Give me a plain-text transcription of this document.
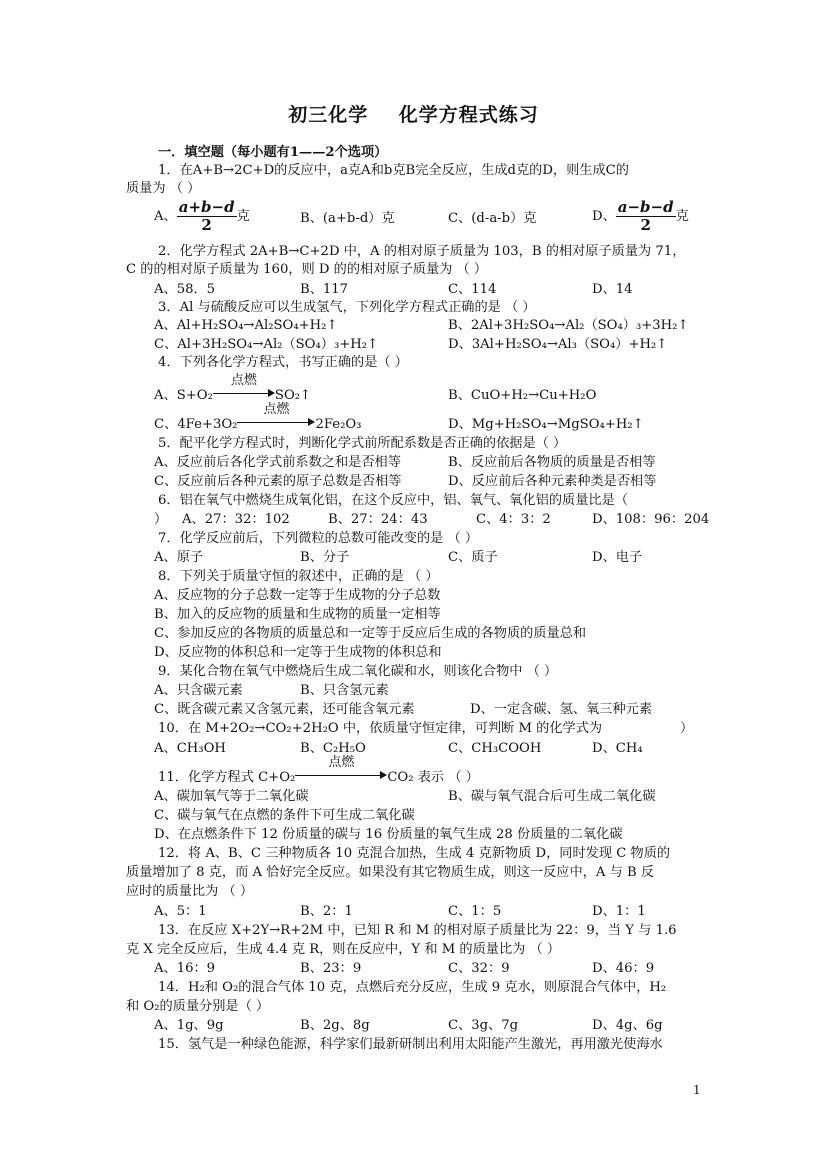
初三化学    化学方程式练习
一．填空题（每小题有1——2个选项）
1．在A+B→2C+D的反应中，a克A和b克B完全反应，生成d克的D，则生成C的
质量为 （ ）
A、 $\frac{a+b-d}{2}$ 克	B、(a+b-d）克	C、(d-a-b）克	D、 $\frac{a-b-d}{2}$ 克
2．化学方程式 2A+B→C+2D 中，A 的相对原子质量为 103，B 的相对原子质量为 71，
C 的的相对原子质量为 160，则 D 的的相对原子质量为 （ ）
A、58．5	B、117	C、114	D、14
3．Al 与硫酸反应可以生成氢气，下列化学方程式正确的是 （ ）
A、Al+H₂SO₄→Al₂SO₄+H₂↑	B、2Al+3H₂SO₄→Al₂（SO₄）₃+3H₂↑
C、Al+3H₂SO₄→Al₂（SO₄）₃+H₂↑	D、3Al+H₂SO₄→Al₃（SO₄）+H₂↑
4．下列各化学方程式，书写正确的是（ ）
A、S+O₂
点燃
SO₂↑	B、CuO+H₂→Cu+H₂O
C、4Fe+3O₂
点燃
2Fe₂O₃	D、Mg+H₂SO₄→MgSO₄+H₂↑
5．配平化学方程式时，判断化学式前所配系数是否正确的依据是（ ）
A、反应前后各化学式前系数之和是否相等	B、反应前后各物质的质量是否相等
C、反应前后各种元素的原子总数是否相等	D、反应前后各种元素种类是否相等
6．铝在氧气中燃烧生成氧化铝，在这个反应中，铝、氧气、氧化铝的质量比是（
） A、27：32：102	B、27：24：43	C、4：3：2	D、108：96：204
7．化学反应前后，下列微粒的总数可能改变的是 （ ）
A、原子	B、分子	C、质子	D、电子
8．下列关于质量守恒的叙述中，正确的是 （ ）
A、反应物的分子总数一定等于生成物的分子总数
B、加入的反应物的质量和生成物的质量一定相等
C、参加反应的各物质的质量总和一定等于反应后生成的各物质的质量总和
D、反应物的体积总和一定等于生成物的体积总和
9．某化合物在氧气中燃烧后生成二氧化碳和水，则该化合物中 （ ）
A、只含碳元素	B、只含氢元素
C、既含碳元素又含氢元素，还可能含氧元素	D、一定含碳、氢、氧三种元素
10．在 M+2O₂→CO₂+2H₂O 中，依质量守恒定律，可判断 M 的化学式为	）
A、CH₃OH	B、C₂H₅O	C、CH₃COOH	D、CH₄
11．化学方程式 C+O₂
点燃
CO₂ 表示 （ ）
A、碳加氧气等于二氧化碳	B、碳与氧气混合后可生成二氧化碳
C、碳与氧气在点燃的条件下可生成二氧化碳
D、在点燃条件下 12 份质量的碳与 16 份质量的氧气生成 28 份质量的二氧化碳
12．将 A、B、C 三种物质各 10 克混合加热，生成 4 克新物质 D，同时发现 C 物质的
质量增加了 8 克，而 A 恰好完全反应。如果没有其它物质生成，则这一反应中，A 与 B 反
应时的质量比为 （ ）
A、5：1	B、2：1	C、1：5	D、1：1
13．在反应 X+2Y→R+2M 中，已知 R 和 M 的相对原子质量比为 22：9，当 Y 与 1.6
克 X 完全反应后，生成 4.4 克 R，则在反应中，Y 和 M 的质量比为 （ ）
A、16：9	B、23：9	C、32：9	D、46：9
14．H₂和 O₂的混合气体 10 克，点燃后充分反应，生成 9 克水，则原混合气体中，H₂
和 O₂的质量分别是（ ）
A、1g、9g	B、2g、8g	C、3g、7g	D、4g、6g
15．氢气是一种绿色能源，科学家们最新研制出利用太阳能产生激光，再用激光使海水
1
